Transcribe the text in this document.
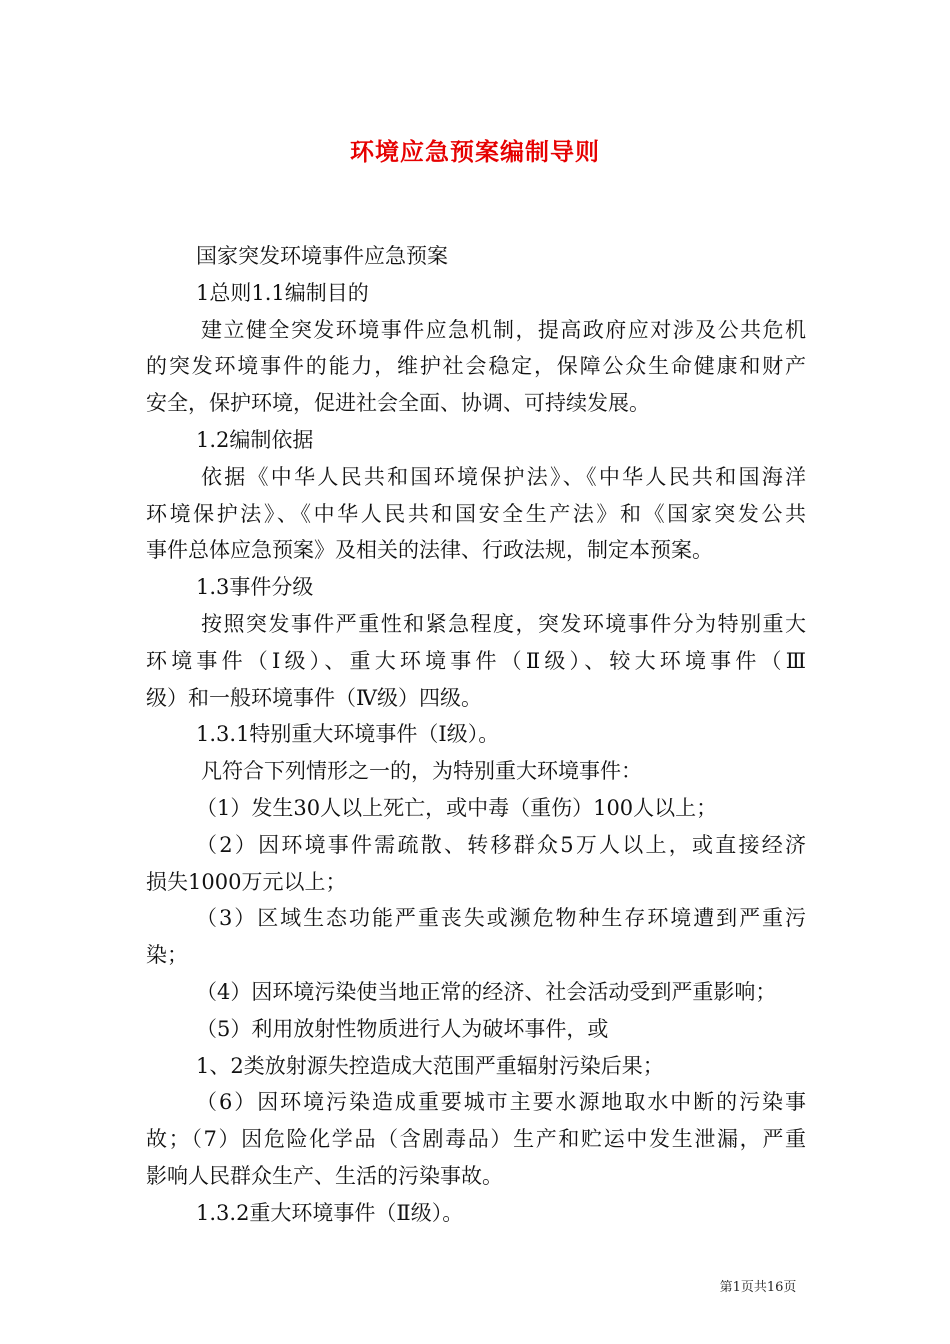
环境应急预案编制导则
国家突发环境事件应急预案
1总则1.1编制目的
建立健全突发环境事件应急机制，提高政府应对涉及公共危机
的突发环境事件的能力，维护社会稳定，保障公众生命健康和财产
安全，保护环境，促进社会全面、协调、可持续发展。
1.2编制依据
依据《中华人民共和国环境保护法》、《中华人民共和国海洋
环境保护法》、《中华人民共和国安全生产法》和《国家突发公共
事件总体应急预案》及相关的法律、行政法规，制定本预案。
1.3事件分级
按照突发事件严重性和紧急程度，突发环境事件分为特别重大
环境事件（Ⅰ级）、重大环境事件（Ⅱ级）、较大环境事件（Ⅲ
级）和一般环境事件（Ⅳ级）四级。
1.3.1特别重大环境事件（Ⅰ级）。
凡符合下列情形之一的，为特别重大环境事件：
（1）发生30人以上死亡，或中毒（重伤）100人以上；
（2）因环境事件需疏散、转移群众5万人以上，或直接经济
损失1000万元以上；
（3）区域生态功能严重丧失或濒危物种生存环境遭到严重污
染；
（4）因环境污染使当地正常的经济、社会活动受到严重影响；
（5）利用放射性物质进行人为破坏事件，或
1、2类放射源失控造成大范围严重辐射污染后果；
（6）因环境污染造成重要城市主要水源地取水中断的污染事
故；（7）因危险化学品（含剧毒品）生产和贮运中发生泄漏，严重
影响人民群众生产、生活的污染事故。
1.3.2重大环境事件（Ⅱ级）。
第1页共16页
